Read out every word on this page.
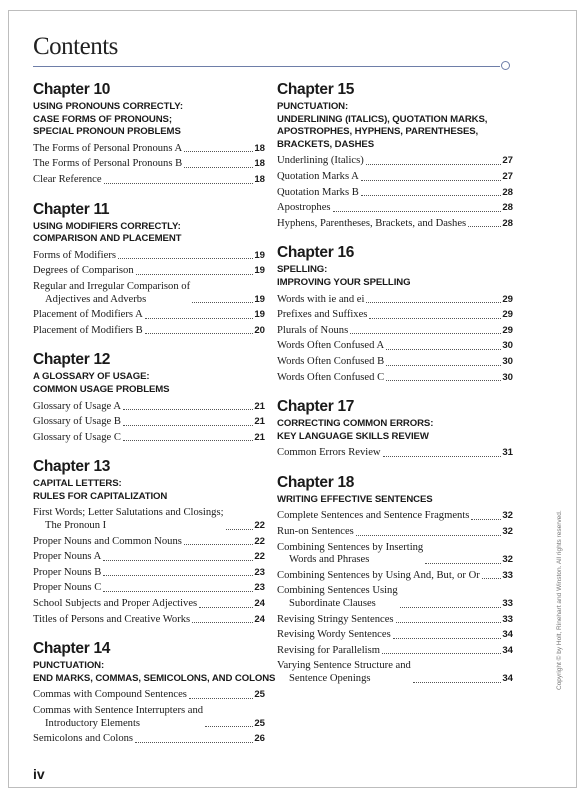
Contents
Chapter 10
USING PRONOUNS CORRECTLY:
CASE FORMS OF PRONOUNS;
SPECIAL PRONOUN PROBLEMS
The Forms of Personal Pronouns A	18
The Forms of Personal Pronouns B	18
Clear Reference	18
Chapter 11
USING MODIFIERS CORRECTLY:
COMPARISON AND PLACEMENT
Forms of Modifiers	19
Degrees of Comparison	19
Regular and Irregular Comparison of
Adjectives and Adverbs	19
Placement of Modifiers A	19
Placement of Modifiers B	20
Chapter 12
A GLOSSARY OF USAGE:
COMMON USAGE PROBLEMS
Glossary of Usage A	21
Glossary of Usage B	21
Glossary of Usage C	21
Chapter 13
CAPITAL LETTERS:
RULES FOR CAPITALIZATION
First Words; Letter Salutations and Closings;
The Pronoun I	22
Proper Nouns and Common Nouns	22
Proper Nouns A	22
Proper Nouns B	23
Proper Nouns C	23
School Subjects and Proper Adjectives	24
Titles of Persons and Creative Works	24
Chapter 14
PUNCTUATION:
END MARKS, COMMAS, SEMICOLONS, AND COLONS
Commas with Compound Sentences	25
Commas with Sentence Interrupters and
Introductory Elements	25
Semicolons and Colons	26
Chapter 15
PUNCTUATION:
UNDERLINING (ITALICS), QUOTATION MARKS,
APOSTROPHES, HYPHENS, PARENTHESES,
BRACKETS, DASHES
Underlining (Italics)	27
Quotation Marks A	27
Quotation Marks B	28
Apostrophes	28
Hyphens, Parentheses, Brackets, and Dashes	28
Chapter 16
SPELLING:
IMPROVING YOUR SPELLING
Words with ie and ei	29
Prefixes and Suffixes	29
Plurals of Nouns	29
Words Often Confused A	30
Words Often Confused B	30
Words Often Confused C	30
Chapter 17
CORRECTING COMMON ERRORS:
KEY LANGUAGE SKILLS REVIEW
Common Errors Review	31
Chapter 18
WRITING EFFECTIVE SENTENCES
Complete Sentences and Sentence Fragments	32
Run-on Sentences	32
Combining Sentences by Inserting
Words and Phrases	32
Combining Sentences by Using And, But, or Or 33
Combining Sentences Using
Subordinate Clauses	33
Revising Stringy Sentences	33
Revising Wordy Sentences	34
Revising for Parallelism	34
Varying Sentence Structure and
Sentence Openings	34	Copyright © by Holt, Rinehart and Winston. All rights reserved.
iv
